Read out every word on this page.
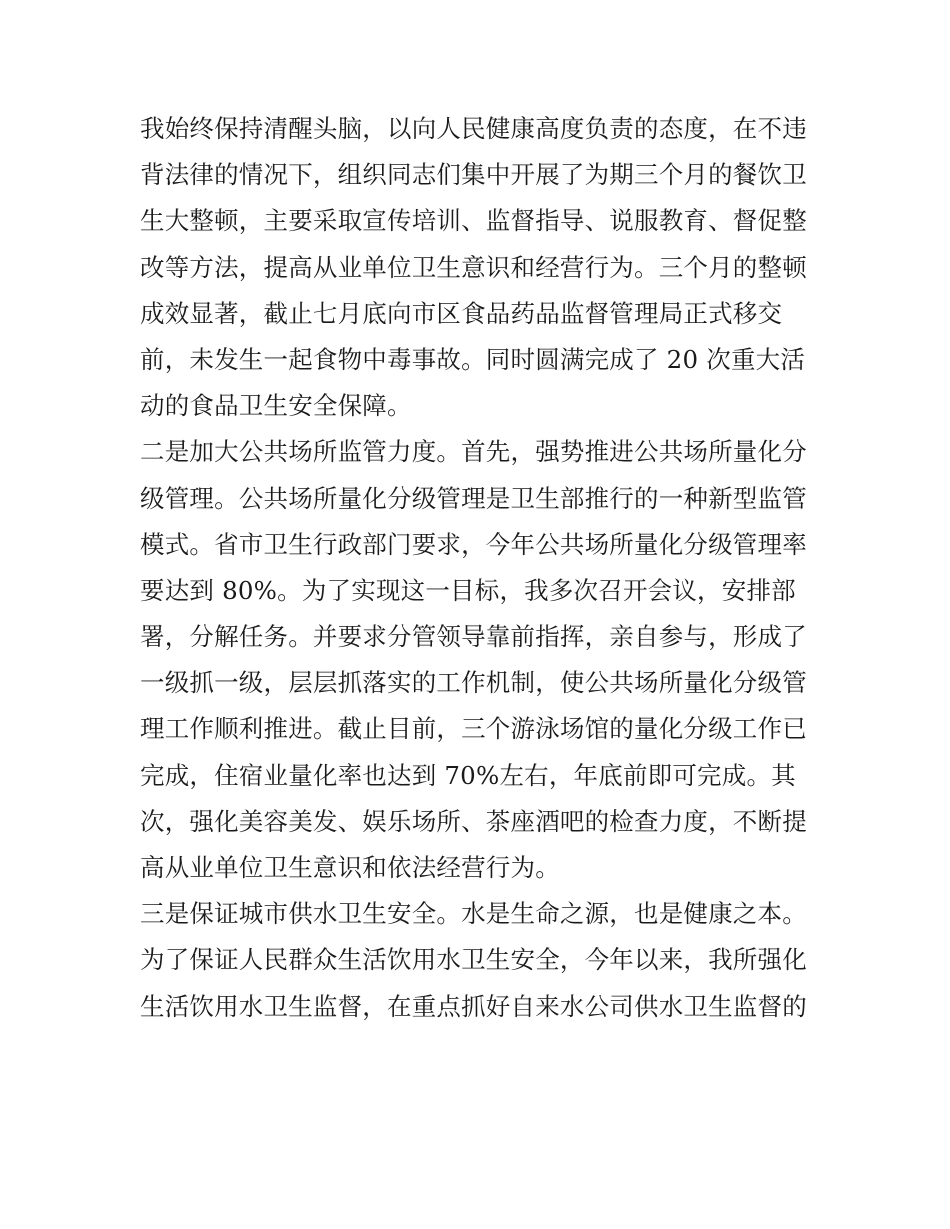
我始终保持清醒头脑，以向人民健康高度负责的态度，在不违
背法律的情况下，组织同志们集中开展了为期三个月的餐饮卫
生大整顿，主要采取宣传培训、监督指导、说服教育、督促整
改等方法，提高从业单位卫生意识和经营行为。三个月的整顿
成效显著，截止七月底向市区食品药品监督管理局正式移交
前，未发生一起食物中毒事故。同时圆满完成了 20 次重大活
动的食品卫生安全保障。
二是加大公共场所监管力度。首先，强势推进公共场所量化分
级管理。公共场所量化分级管理是卫生部推行的一种新型监管
模式。省市卫生行政部门要求，今年公共场所量化分级管理率
要达到 80%。为了实现这一目标，我多次召开会议，安排部
署，分解任务。并要求分管领导靠前指挥，亲自参与，形成了
一级抓一级，层层抓落实的工作机制，使公共场所量化分级管
理工作顺利推进。截止目前，三个游泳场馆的量化分级工作已
完成，住宿业量化率也达到 70%左右，年底前即可完成。其
次，强化美容美发、娱乐场所、茶座酒吧的检查力度，不断提
高从业单位卫生意识和依法经营行为。
三是保证城市供水卫生安全。水是生命之源，也是健康之本。
为了保证人民群众生活饮用水卫生安全，今年以来，我所强化
生活饮用水卫生监督，在重点抓好自来水公司供水卫生监督的
